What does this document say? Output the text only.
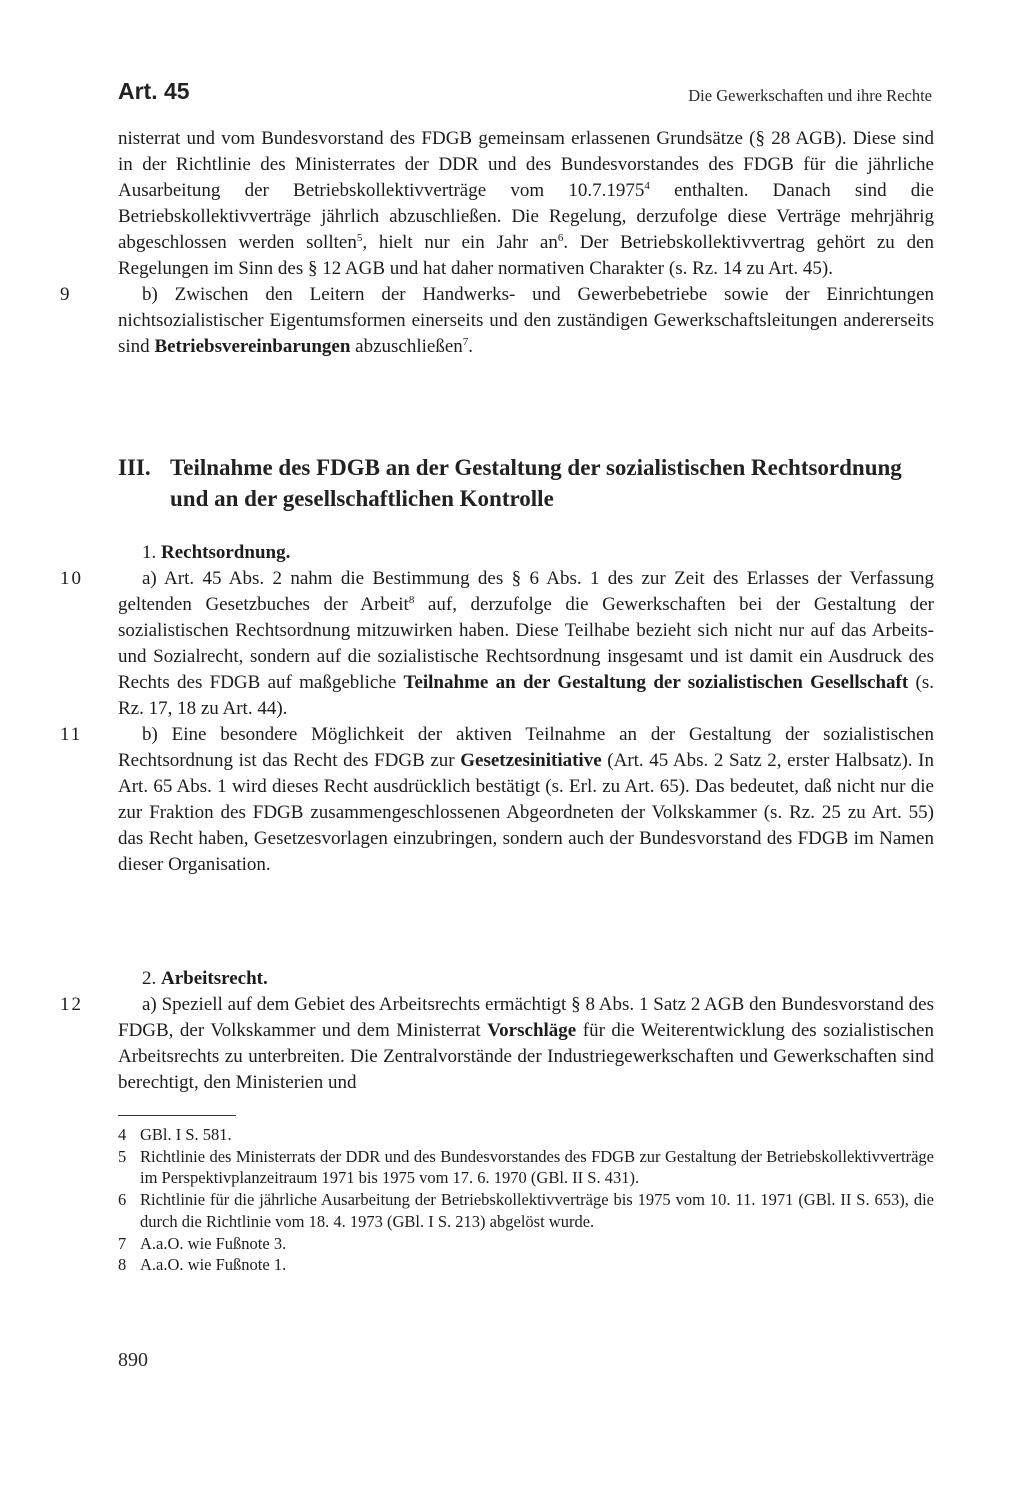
Art. 45	Die Gewerkschaften und ihre Rechte

nisterrat und vom Bundesvorstand des FDGB gemeinsam erlassenen Grundsätze (§ 28 AGB). Diese sind in der Richtlinie des Ministerrates der DDR und des Bundesvorstandes des FDGB für die jährliche Ausarbeitung der Betriebskollektivverträge vom 10.7.1975$^4$ enthalten. Danach sind die Betriebskollektivverträge jährlich abzuschließen. Die Regelung, derzufolge diese Verträge mehrjährig abgeschlossen werden sollten$^5$, hielt nur ein Jahr $an^6$. Der Betriebskollektivvertrag gehört zu den Regelungen im Sinn des § 12 AGB und hat daher normativen Charakter (s. Rz. 14 zu Art. 45).

9	b) Zwischen den Leitern der Handwerks- und Gewerbebetriebe sowie der Einrichtungen nichtsozialistischer Eigentumsformen einerseits und den zuständigen Gewerkschaftsleitungen andererseits sind Betriebsvereinbarungen abzuschließen$^7$.

III. Teilnahme des FDGB an der Gestaltung der sozialistischen Rechtsordnung und an der gesellschaftlichen Kontrolle

1. Rechtsordnung.

10	a) Art. 45 Abs. 2 nahm die Bestimmung des § 6 Abs. 1 des zur Zeit des Erlasses der Verfassung geltenden Gesetzbuches der Arbeit$^8$ auf, derzufolge die Gewerkschaften bei der Gestaltung der sozialistischen Rechtsordnung mitzuwirken haben. Diese Teilhabe bezieht sich nicht nur auf das Arbeits- und Sozialrecht, sondern auf die sozialistische Rechtsordnung insgesamt und ist damit ein Ausdruck des Rechts des FDGB auf maßgebliche Teilnahme an der Gestaltung der sozialistischen Gesellschaft (s. Rz. 17, 18 zu Art. 44).

11	b) Eine besondere Möglichkeit der aktiven Teilnahme an der Gestaltung der sozialistischen Rechtsordnung ist das Recht des FDGB zur Gesetzesinitiative (Art. 45 Abs. 2 Satz 2, erster Halbsatz). In Art. 65 Abs. 1 wird dieses Recht ausdrücklich bestätigt (s. Erl. zu Art. 65). Das bedeutet, daß nicht nur die zur Fraktion des FDGB zusammengeschlossenen Abgeordneten der Volkskammer (s. Rz. 25 zu Art. 55) das Recht haben, Gesetzesvorlagen einzubringen, sondern auch der Bundesvorstand des FDGB im Namen dieser Organisation.

2. Arbeitsrecht.

12	a) Speziell auf dem Gebiet des Arbeitsrechts ermächtigt § 8 Abs. 1 Satz 2 AGB den Bundesvorstand des FDGB, der Volkskammer und dem Ministerrat Vorschläge für die Weiterentwicklung des sozialistischen Arbeitsrechts zu unterbreiten. Die Zentralvorstände der Industriegewerkschaften und Gewerkschaften sind berechtigt, den Ministerien und

4 GBl. I S. 581.

5 Richtlinie des Ministerrats der DDR und des Bundesvorstandes des FDGB zur Gestaltung der Betriebskollektivverträge im Perspektivplanzeitraum 1971 bis 1975 vom 17. 6. 1970 (GBl. II S. 431).

6 Richtlinie für die jährliche Ausarbeitung der Betriebskollektivverträge bis 1975 vom 10. 11. 1971 (GBl. II S. 653), die durch die Richtlinie vom 18. 4. 1973 (GBl. I S. 213) abgelöst wurde.

7 A.a.O. wie Fußnote 3.

8 A.a.O. wie Fußnote 1.

890
